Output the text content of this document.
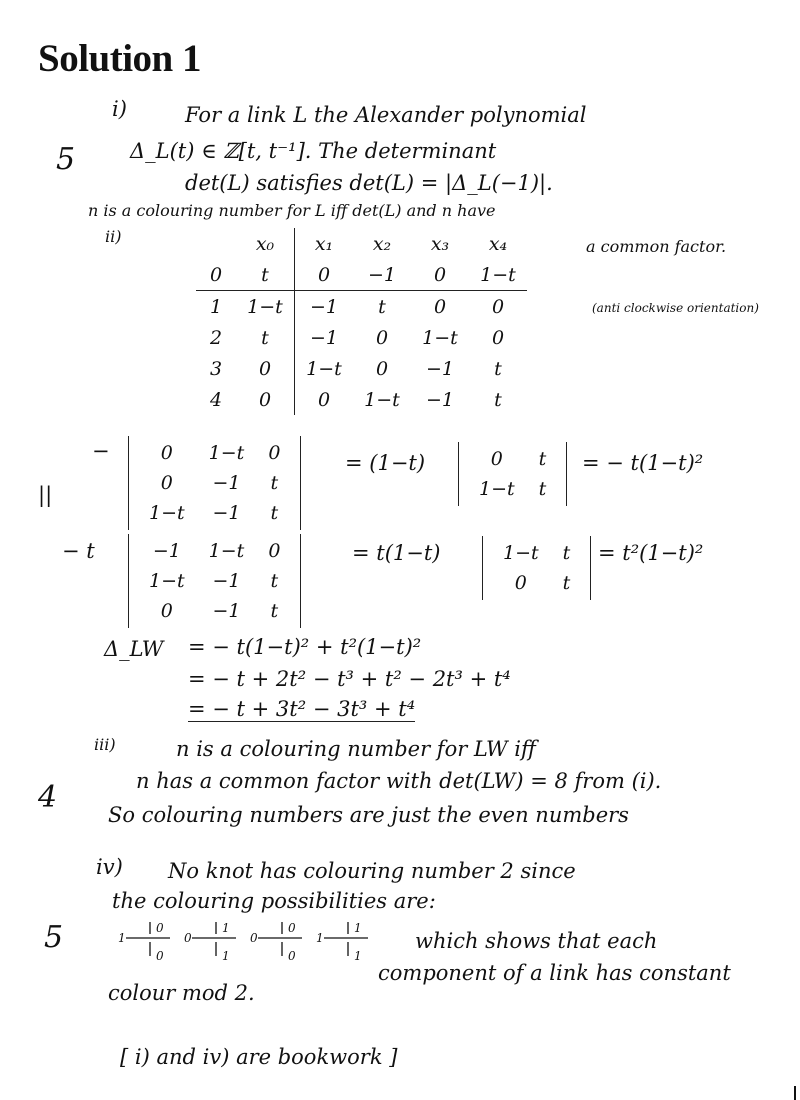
Solution 1
i)	For a link L the Alexander polynomial
5	Δ_L(t) ∈ ℤ[t, t⁻¹]. The determinant
det(L) satisfies det(L) = |Δ_L(−1)|.
n is a colouring number for L iff det(L) and n have
a common factor.
ii)
		x₀	x₁	x₂	x₃	x₄
0	t	0	−1	0	1−t
1	1−t	−1	t	0	0
2	t	−1	0	1−t	0
3	0	1−t	0	−1	t
4	0	0	1−t	−1	t
(anti clockwise orientation)
−
||
0	1−t	0
0	−1	t
1−t	−1	t
= (1−t)	0	t
1−t	t
= − t(1−t)²
− t	−1	1−t	0
1−t	−1	t
0	−1	t
= t(1−t)	1−t	t
0	t
= t²(1−t)²
Δ_LW = − t(1−t)² + t²(1−t)²
= − t + 2t² − t³ + t² − 2t³ + t⁴
= − t + 3t² − 3t³ + t⁴
iii)	n is a colouring number for LW iff
4	n has a common factor with det(LW) = 8 from (i).
So colouring numbers are just the even numbers
iv) No knot has colouring number 2 since
the colouring possibilities are:
5	1
0
0
0
1
1
0
0
0
1
1
1
which shows that each
component of a link has constant
colour mod 2.
[ i) and iv) are bookwork ]
